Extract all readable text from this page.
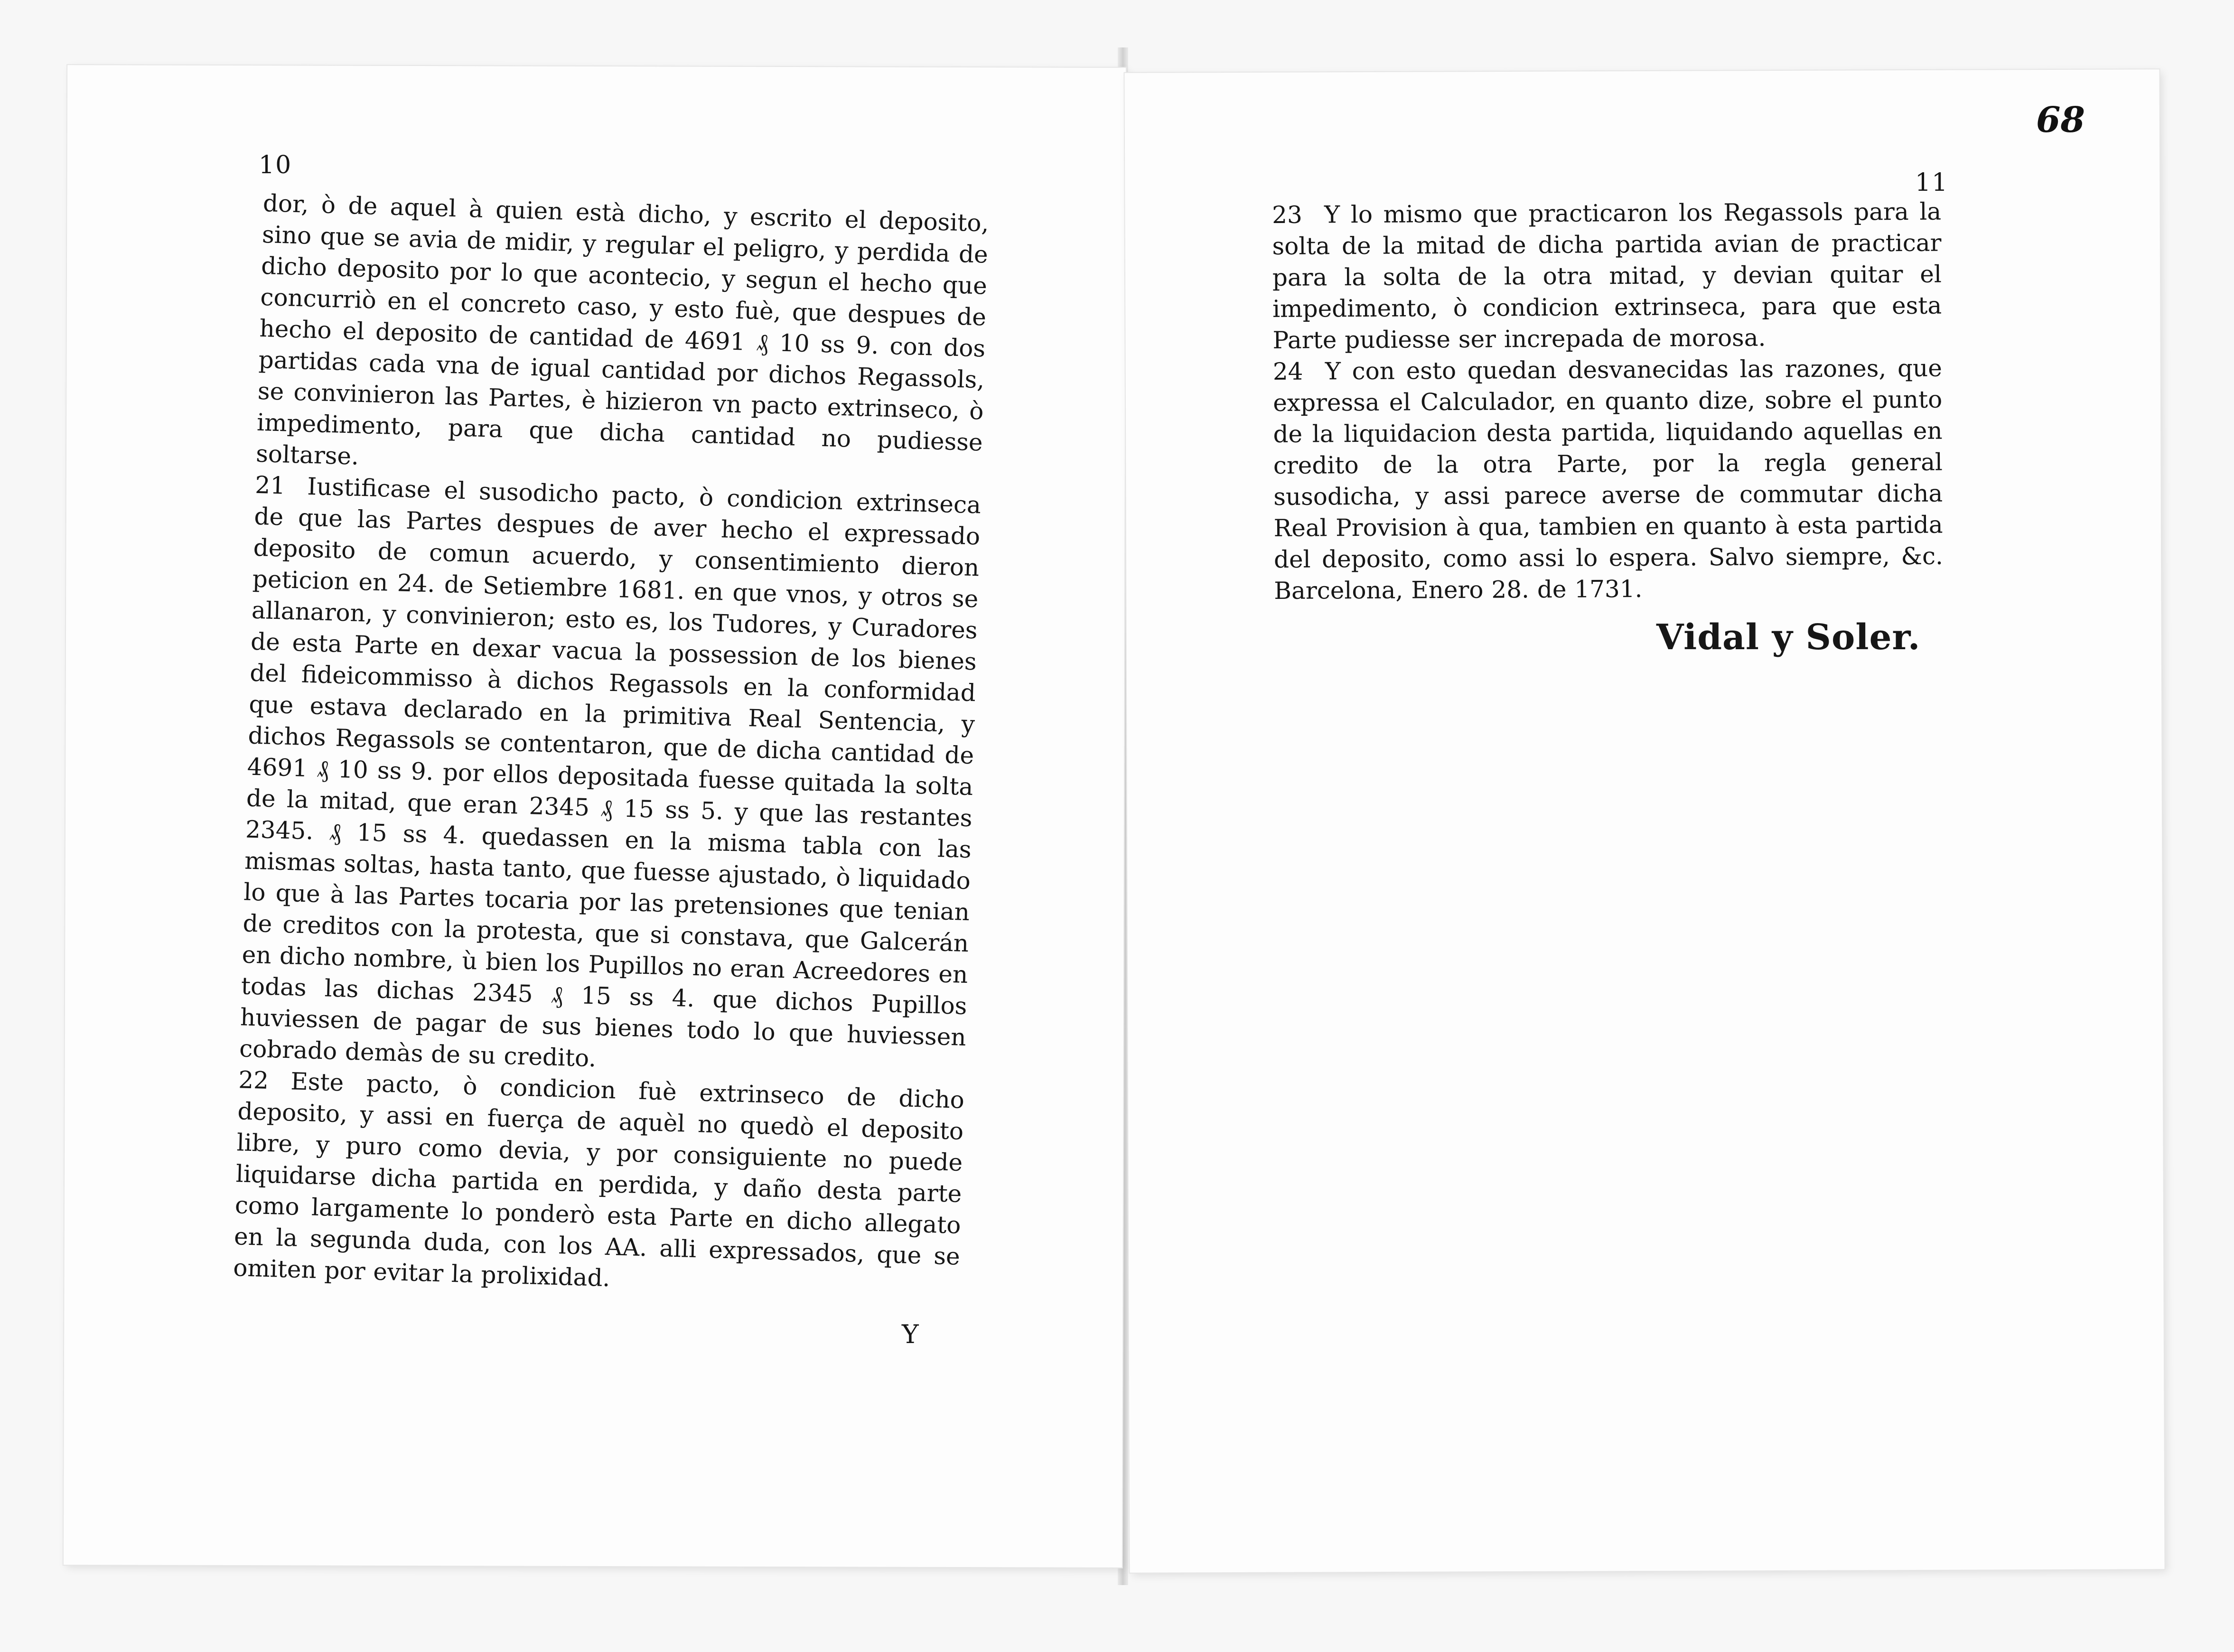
10
11
68

dor, ò de aquel à quien està dicho, y escrito el deposito, sino que se avia de midir, y regular el peligro, y perdida de dicho deposito por lo que acontecio, y segun el hecho que concurriò en el concreto caso, y esto fuè, que despues de hecho el deposito de cantidad de 4691 ₰ 10 ss 9. con dos partidas cada vna de igual cantidad por dichos Regassols, se convinieron las Partes, è hizieron vn pacto extrinseco, ò impedimento, para que dicha cantidad no pudiesse soltarse.

21 Iustificase el susodicho pacto, ò condicion extrinseca de que las Partes despues de aver hecho el expressado deposito de comun acuerdo, y consentimiento dieron peticion en 24. de Setiembre 1681. en que vnos, y otros se allanaron, y convinieron; esto es, los Tudores, y Curadores de esta Parte en dexar vacua la possession de los bienes del fideicommisso à dichos Regassols en la conformidad que estava declarado en la primitiva Real Sentencia, y dichos Regassols se contentaron, que de dicha cantidad de 4691 ₰ 10 ss 9. por ellos depositada fuesse quitada la solta de la mitad, que eran 2345 ₰ 15 ss 5. y que las restantes 2345. ₰ 15 ss 4. quedassen en la misma tabla con las mismas soltas, hasta tanto, que fuesse ajustado, ò liquidado lo que à las Partes tocaria por las pretensiones que tenian de creditos con la protesta, que si constava, que Galcerán en dicho nombre, ù bien los Pupillos no eran Acreedores en todas las dichas 2345 ₰ 15 ss 4. que dichos Pupillos huviessen de pagar de sus bienes todo lo que huviessen cobrado demàs de su credito.

22 Este pacto, ò condicion fuè extrinseco de dicho deposito, y assi en fuerça de aquèl no quedò el deposito libre, y puro como devia, y por consiguiente no puede liquidarse dicha partida en perdida, y daño desta parte como largamente lo ponderò esta Parte en dicho allegato en la segunda duda, con los AA. alli expressados, que se omiten por evitar la prolixidad.

Y

23 Y lo mismo que practicaron los Regassols para la solta de la mitad de dicha partida avian de practicar para la solta de la otra mitad, y devian quitar el impedimento, ò condicion extrinseca, para que esta Parte pudiesse ser increpada de morosa.

24 Y con esto quedan desvanecidas las razones, que expressa el Calculador, en quanto dize, sobre el punto de la liquidacion desta partida, liquidando aquellas en credito de la otra Parte, por la regla general susodicha, y assi parece averse de commutar dicha Real Provision à qua, tambien en quanto à esta partida del deposito, como assi lo espera. Salvo siempre, &c. Barcelona, Enero 28. de 1731.

Vidal y Soler.
